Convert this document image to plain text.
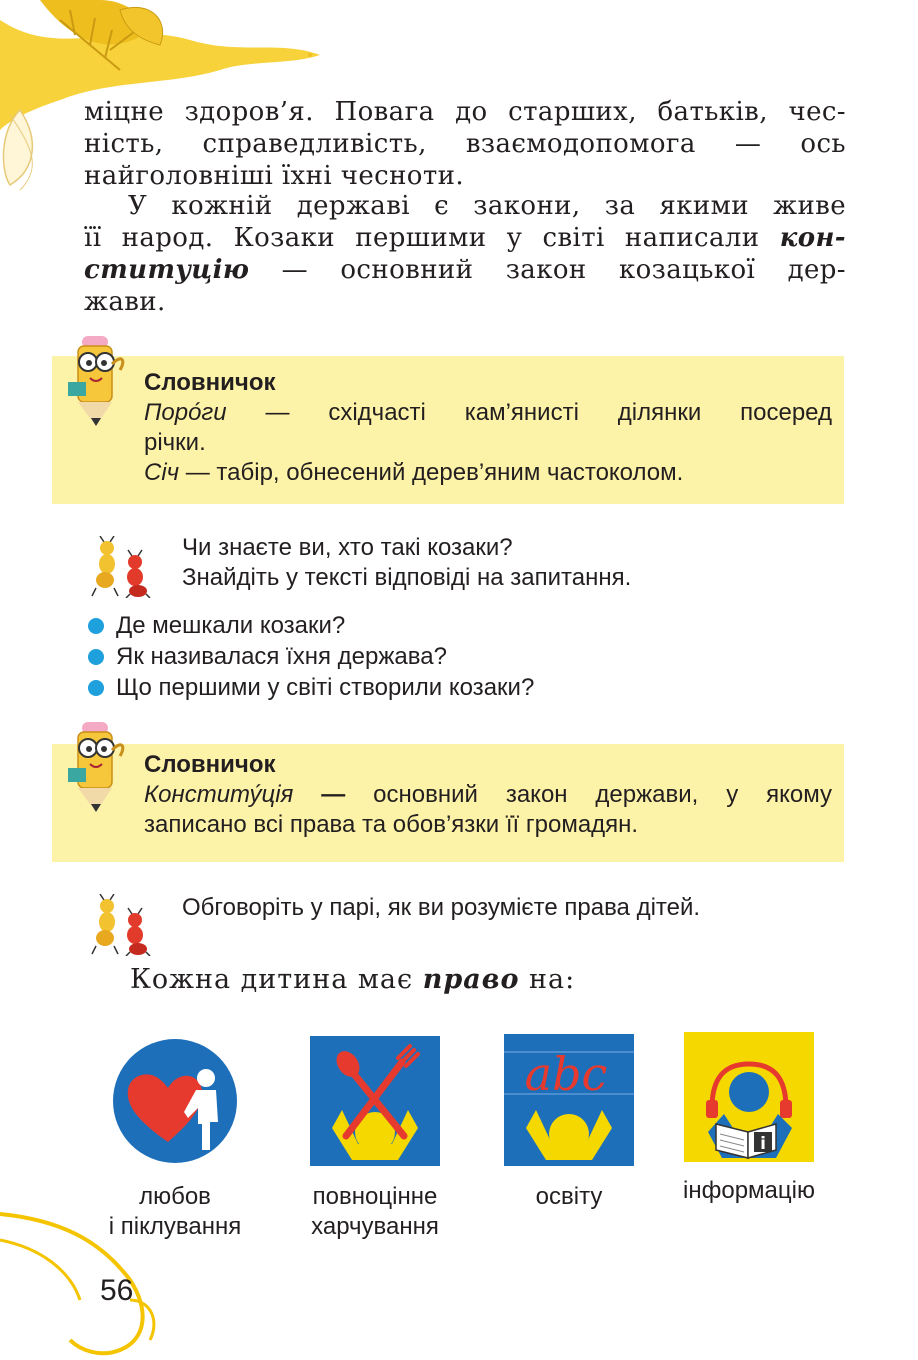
міцне здоров’я. Повага до старших, батьків, чес-
ність, справедливість, взаємодопомога — ось
найголовніші їхні чесноти.
У кожній державі є закони, за якими живе
її народ. Козаки першими у світі написали кон-
ституцію — основний закон козацької дер-
жави.
Словничок
Поро́ги — східчасті кам’янисті ділянки посеред
річки.
Січ — табір, обнесений дерев’яним частоколом.
Чи знаєте ви, хто такі козаки?
Знайдіть у тексті відповіді на запитання.
Де мешкали козаки?
Як називалася їхня держава?
Що першими у світі створили козаки?
Словничок
Конститу́ція — основний закон держави, у якому
записано всі права та обов’язки її громадян.
Обговоріть у парі, як ви розумієте права дітей.
Кожна дитина має право на:
abc
i
любов
і піклування
повноцінне
харчування
освіту	інформацію
56
